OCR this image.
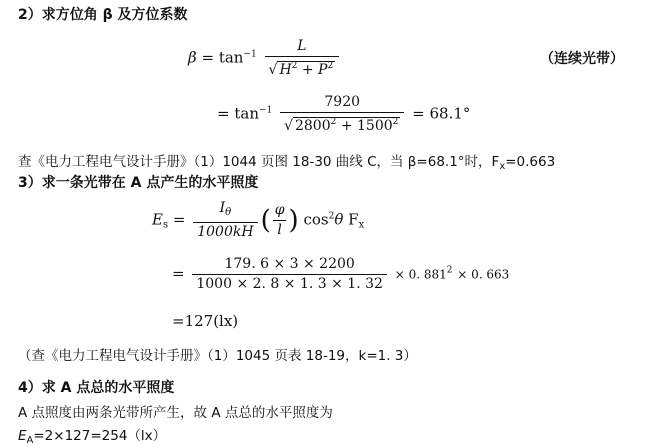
2）求方位角 β 及方位系数
$\beta = \tan^{-1} \frac{L}{√ H^2 + P^2}$	（连续光带）
= $\tan^{-1} \frac{7920}{√ 2800^2 + 1500^2} = 68.1^\circ$
查《电力工程电气设计手册》（1）1044 页图 18-30 曲线 C，当 β=68.1°时，$F_x=0.663$
3）求一条光带在 A 点产生的水平照度
$E_s = \frac{I_\theta}{1000kH}$ ( $\frac{\varphi}{l}$ ) $\cos^2\theta$ $F_x$
= $\frac{179. 6 \times 3 \times 2200}{1000 \times 2. 8 \times 1. 3 \times 1. 32} \times 0$. $881^2 \times 0$. 663
=127(lx)
（查《电力工程电气设计手册》（1）1045 页表 18-19，k=1. 3）
4）求 A 点总的水平照度
A 点照度由两条光带所产生，故 A 点总的水平照度为
$E_A=2\times 127=254(lx)$
